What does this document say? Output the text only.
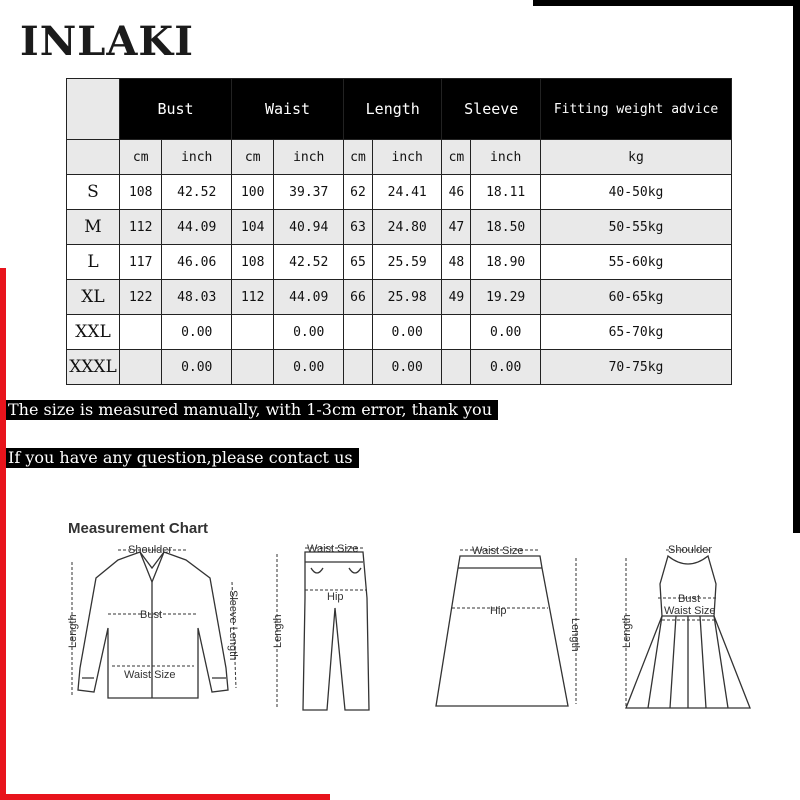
INLAKI
	Bust		Waist		Length		Sleeve		Fitting weight advice
	cm	inch	cm	inch	cm	inch	cm	inch	kg
S	108	42.52	100	39.37	62	24.41	46	18.11	40-50kg
M	112	44.09	104	40.94	63	24.80	47	18.50	50-55kg
L	117	46.06	108	42.52	65	25.59	48	18.90	55-60kg
XL	122	48.03	112	44.09	66	25.98	49	19.29	60-65kg
XXL		0.00		0.00		0.00		0.00	65-70kg
XXXL		0.00		0.00		0.00		0.00	70-75kg
The size is measured manually, with 1-3cm error, thank you
If you have any question,please contact us
Measurement Chart
Shoulder
Bust
Waist Size
Length	Sleeve Length
Waist Size
Hip
Length
Waist Size
Hip
Length
Shoulder
Bust
Waist Size
Length
